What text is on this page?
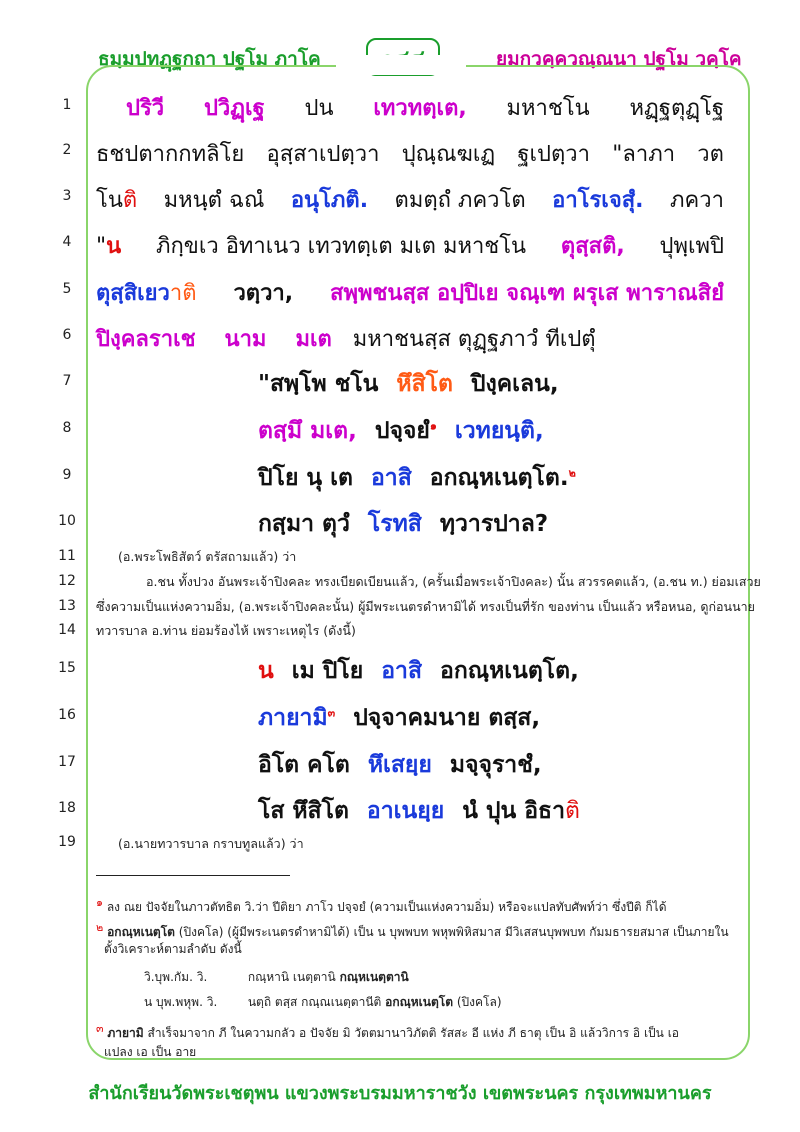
ธมฺมปทฏฺฐกถา ปฐโม ภาโค	ยมกวคฺควณฺณนา ปฐโม วคฺโค
1
2
3
4
5
6
7
8
9
10
11
12
13
14
15
16
17
18
19
ปริวี ปวิฏฺเฐ ปน เทวทตฺเต, มหาชโน หฏฺฐตุฏฺโฐ
ธชปตากกทลิโย อุสฺสาเปตฺวา ปุณฺณฆเฏ ฐเปตฺวา "ลาภา วต
โนติ มหนฺตํ ฉณํ อนุโภติ. ตมตฺถํ ภควโต อาโรเจสุํ. ภควา
"น ภิกฺขเว อิทาเนว เทวทตฺเต มเต มหาชโน ตุสฺสติ, ปุพฺเพปิ
ตุสฺสิเยวาติ วตฺวา, สพฺพชนสฺส อปฺปิเย จณฺเฑ ผรุเส พาราณสิยํ
ปิงฺคลราเช นาม มเต มหาชนสฺส ตุฏฺฐภาวํ ทีเปตุํ
"สพฺโพ ชโน หึสิโต ปิงฺคเลน,
ตสฺมึ มเต, ปจฺจยํ$^๑$ เวทยนฺติ,
ปิโย นุ เต อาสิ อกณฺหเนตฺโต.$^๒$
กสฺมา ตุวํ โรทสิ ทฺวารปาล?
(อ.พระโพธิสัตว์ ตรัสถามแล้ว) ว่า
อ.ชน ทั้งปวง อันพระเจ้าปิงคละ ทรงเบียดเบียนแล้ว, (ครั้นเมื่อพระเจ้าปิงคละ) นั้น สวรรคตแล้ว, (อ.ชน ท.) ย่อมเสวย
ซึ่งความเป็นแห่งความอิ่ม, (อ.พระเจ้าปิงคละนั้น) ผู้มีพระเนตรดำหามิได้ ทรงเป็นที่รัก ของท่าน เป็นแล้ว หรือหนอ, ดูก่อนนาย
ทวารบาล อ.ท่าน ย่อมร้องไห้ เพราะเหตุไร (ดังนี้)
น เม ปิโย อาสิ อกณฺหเนตฺโต,
ภายามิ$^๓$ ปจฺจาคมนาย ตสฺส,
อิโต คโต หึเสยฺย มจฺจุราชํ,
โส หึสิโต อาเนยฺย นํ ปุน อิธาติ
(อ.นายทวารบาล กราบทูลแล้ว) ว่า
$^๑$ ลง ณย ปัจจัยในภาวตัทธิต วิ.ว่า ปีติยา ภาโว ปจฺจยํ (ความเป็นแห่งความอิ่ม) หรือจะแปลทับศัพท์ว่า ซึ่งปีติ ก็ได้
$^๒$ อกณฺหเนตฺโต (ปิงคโล) (ผู้มีพระเนตรดำหามิได้) เป็น น บุพพบท พหุพพิหิสมาส มีวิเสสนบุพพบท กัมมธารยสมาส เป็นภายใน
ตั้งวิเคราะห์ตามลำดับ ดังนี้
วิ.บุพ.กัม. วิ.	กณฺหานิ เนตฺตานิ กณฺหเนตฺตานิ
น บุพ.พหุพ. วิ.	นตฺถิ ตสฺส กณฺณเนตฺตานีติ อกณฺหเนตฺโต (ปิงคโล)
$^๓$ ภายามิ สำเร็จมาจาก ภี ในความกลัว อ ปัจจัย มิ วัตตมานาวิภัตติ รัสสะ อี แห่ง ภี ธาตุ เป็น อิ แล้ววิการ อิ เป็น เอ
แปลง เอ เป็น อาย
สำนักเรียนวัดพระเชตุพน แขวงพระบรมมหาราชวัง เขตพระนคร กรุงเทพมหานคร
